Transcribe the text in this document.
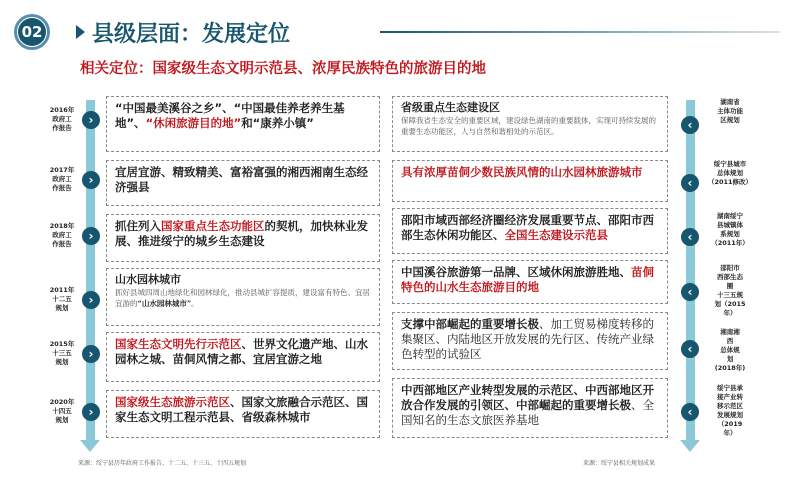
02 县级层面：发展定位
相关定位：国家级生态文明示范县、浓厚民族特色的旅游目的地
2016年
政府工
作报告
2017年
政府工
作报告
2018年
政府工
作报告
2011年
十二五
规划
2015年
十三五
规划
2020年
十四五
规划
›
›
›
›
›
›
湖南省
主体功能
区规划
绥宁县城市
总体规划
（2011修改）
湖南绥宁
县城镇体
系规划
（2011年）
邵阳市
西部生态
圈
十三五规
划（2015
年）
湘南湘
西
总体规
划
(2018年)
绥宁县承
接产业转
移示范区
发展规划
（2019
年）
‹
‹
‹
‹
‹
‹
“中国最美溪谷之乡”、“中国最佳养老养生基地”、“休闲旅游目的地”和“康养小镇”
宜居宜游、精致精美、富裕富强的湘西湘南生态经济强县
抓住列入国家重点生态功能区的契机，加快林业发展、推进绥宁的城乡生态建设
山水园林城市
抓好县城四周山地绿化和园林绿化，推动县城扩容提质，建设富有特色、宜居宜游的“山水园林城市”。
国家生态文明先行示范区、世界文化遗产地、山水园林之城、苗侗风情之都、宜居宜游之地
国家级生态旅游示范区、国家文旅融合示范区、国家生态文明工程示范县、省级森林城市
省级重点生态建设区
保障我省生态安全的重要区域，建设绿色湖南的重要载体，实现可持续发展的重要生态功能区，人与自然和谐相处的示范区。
具有浓厚苗侗少数民族风情的山水园林旅游城市
邵阳市域西部经济圈经济发展重要节点、邵阳市西部生态休闲功能区、全国生态建设示范县
中国溪谷旅游第一品牌、区域休闲旅游胜地、苗侗特色的山水生态旅游目的地
支撑中部崛起的重要增长极、加工贸易梯度转移的集聚区、内陆地区开放发展的先行区、传统产业绿色转型的试验区
中西部地区产业转型发展的示范区、中西部地区开放合作发展的引领区、中部崛起的重要增长极、全国知名的生态文旅医养基地
来源：绥宁县历年政府工作报告、十二五、十三五、十四五规划	来源：绥宁县相关规划成果
